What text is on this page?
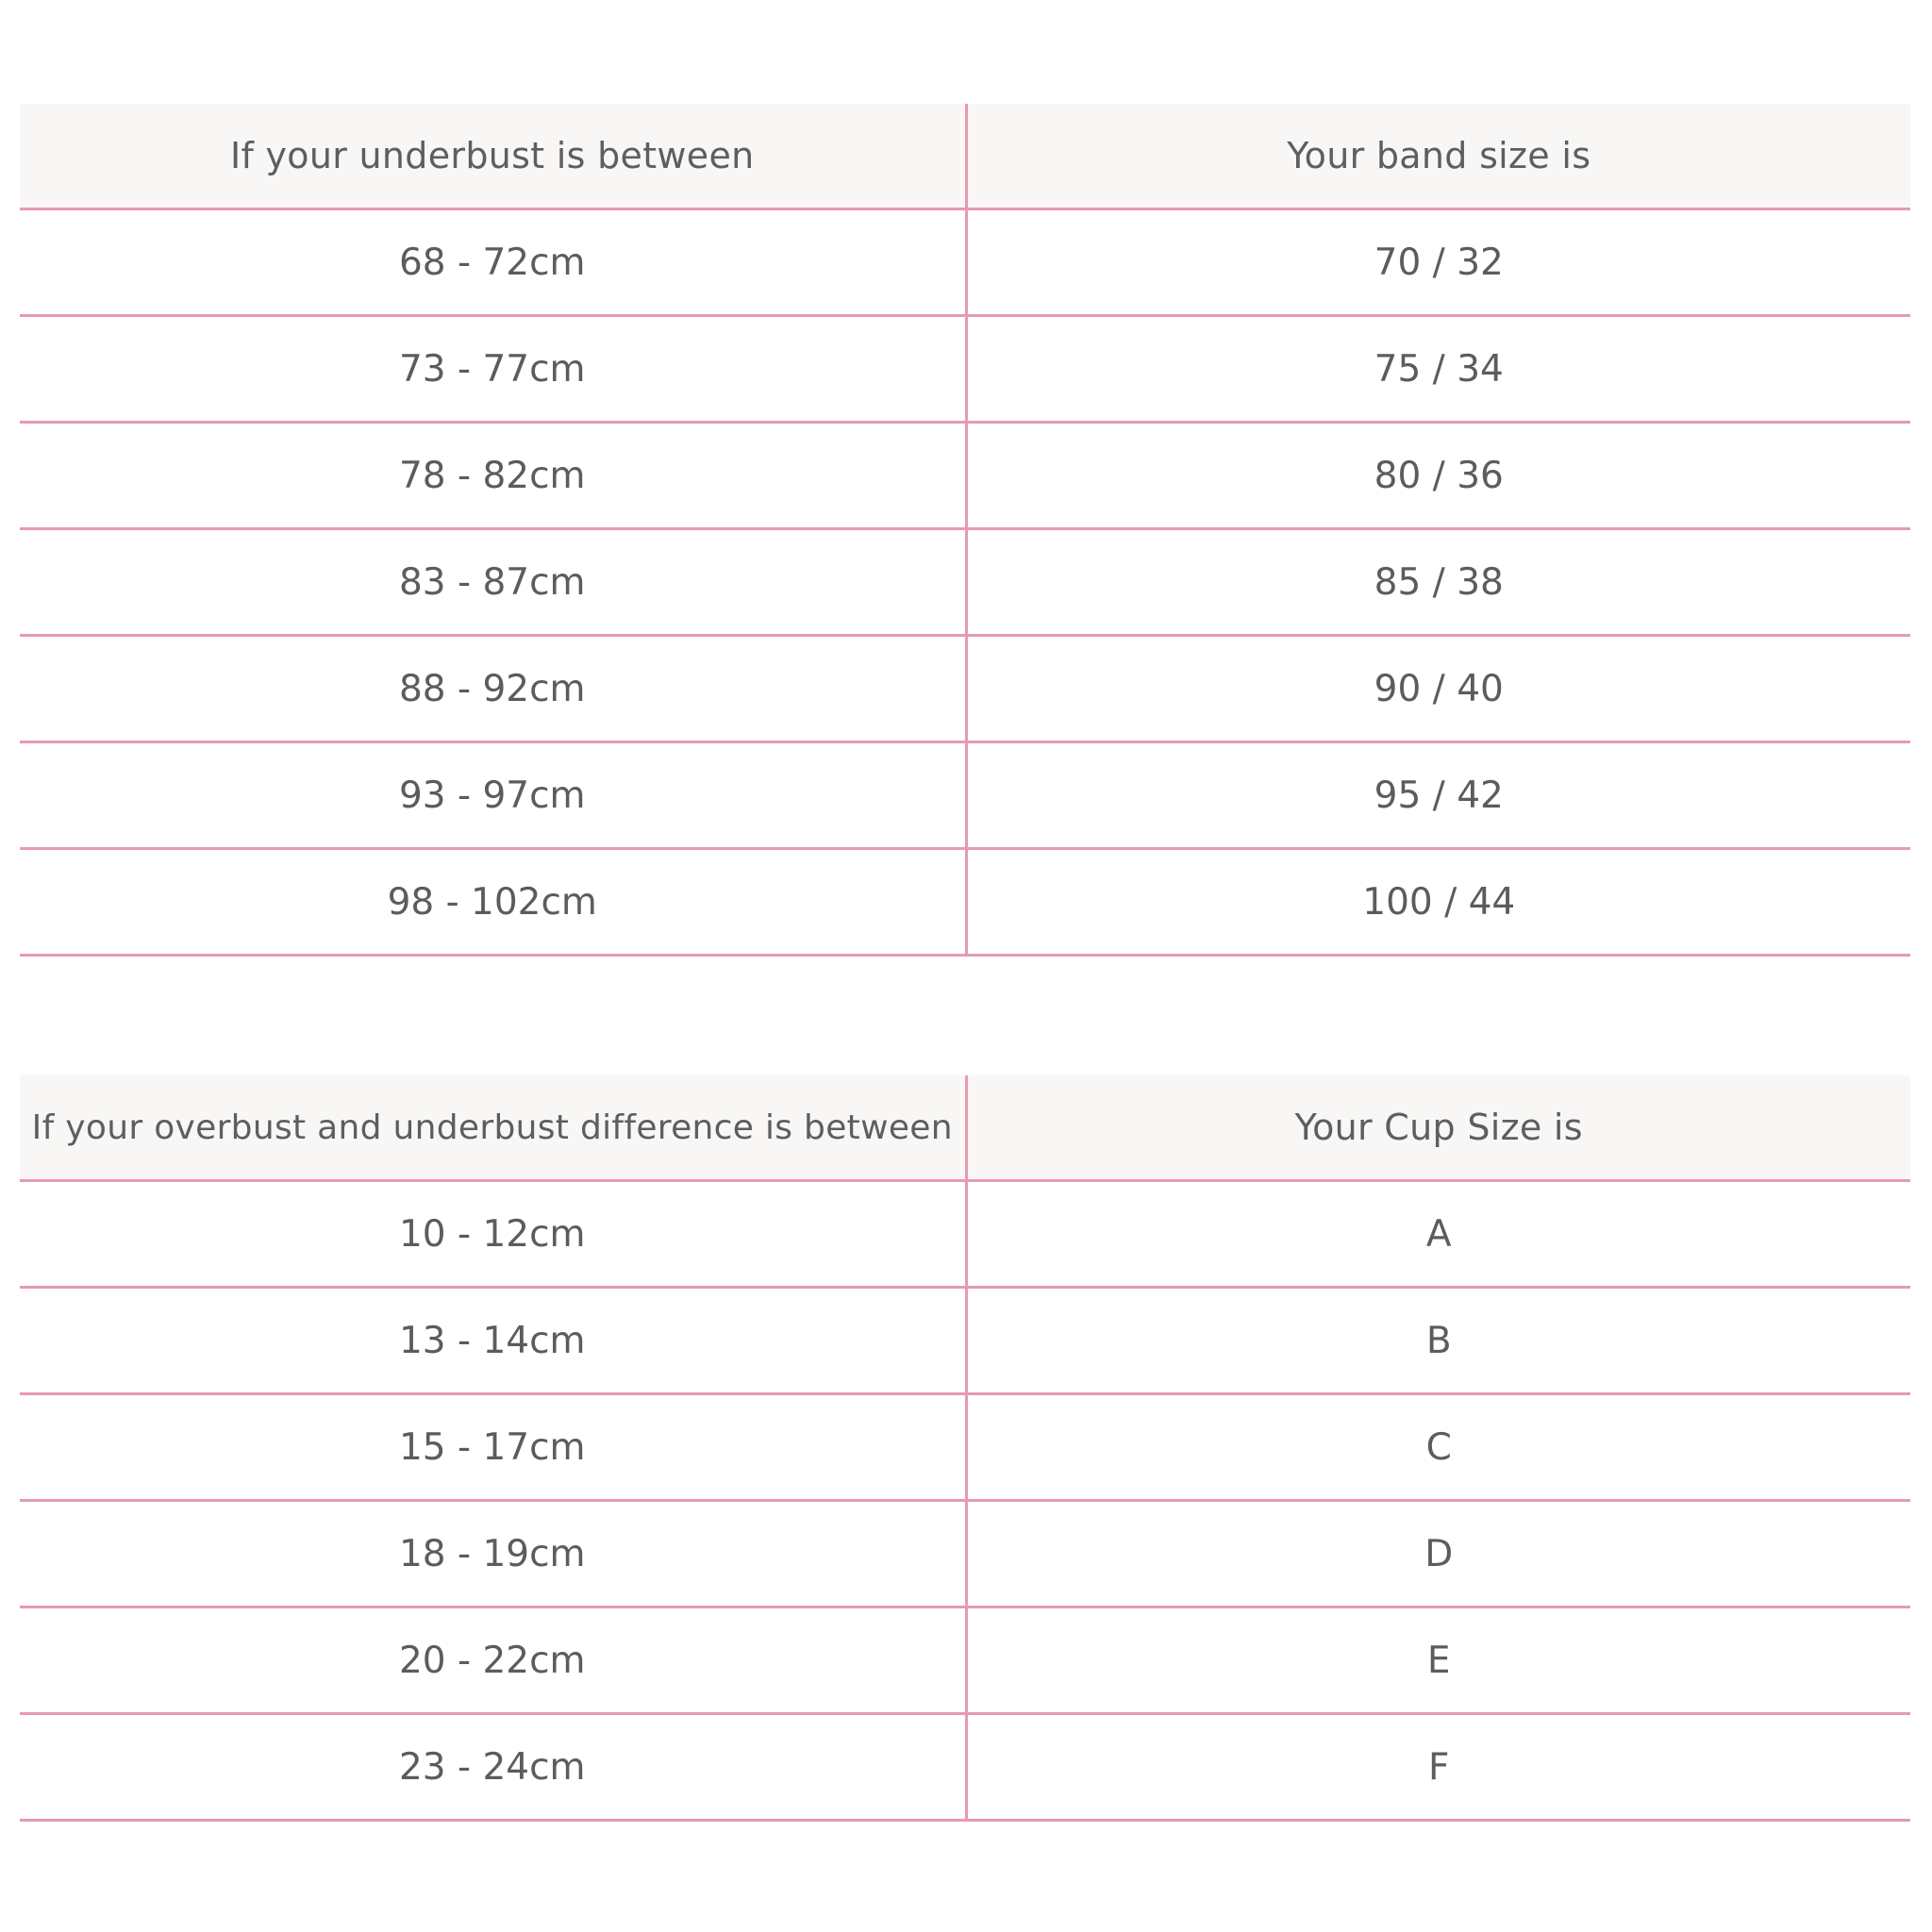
If your underbust is between	Your band size is
68 - 72cm	70 / 32
73 - 77cm	75 / 34
78 - 82cm	80 / 36
83 - 87cm	85 / 38
88 - 92cm	90 / 40
93 - 97cm	95 / 42
98 - 102cm	100 / 44
If your overbust and underbust difference is between	Your Cup Size is
10 - 12cm	A
13 - 14cm	B
15 - 17cm	C
18 - 19cm	D
20 - 22cm	E
23 - 24cm	F
